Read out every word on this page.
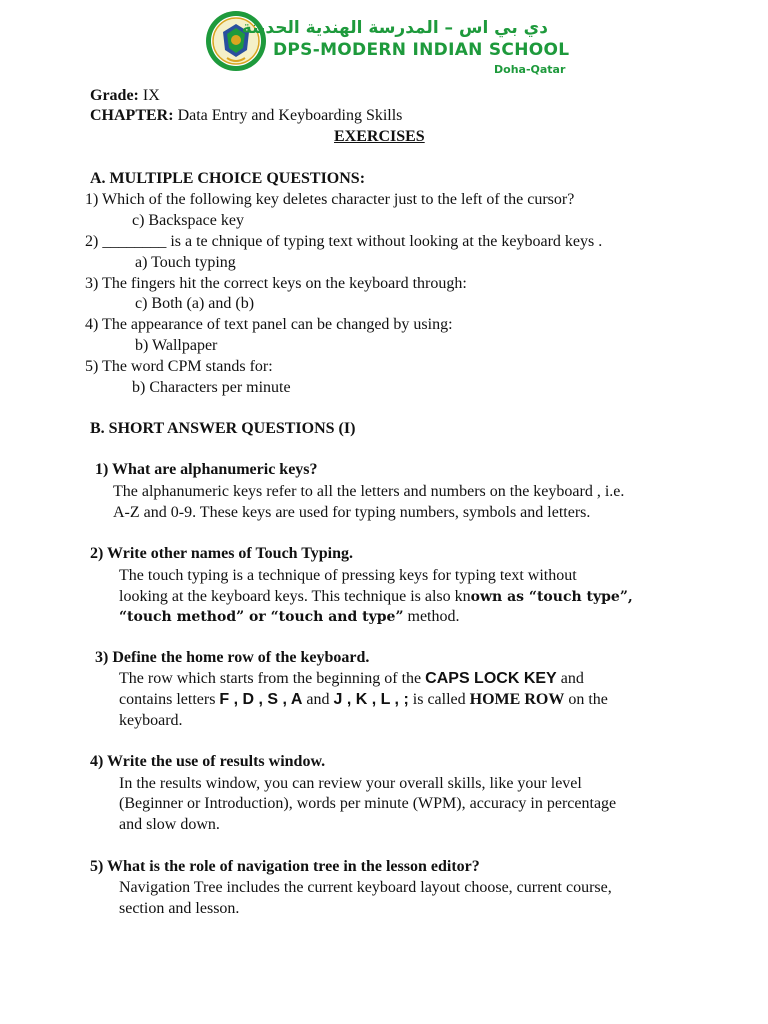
دي بي اس – المدرسة الهندية الحديثة
DPS-MODERN INDIAN SCHOOL
Doha-Qatar
Grade: IX
CHAPTER: Data Entry and Keyboarding Skills
EXERCISES
A. MULTIPLE CHOICE QUESTIONS:
1) Which of the following key deletes character just to the left of the cursor?
c) Backspace key
2) ________ is a te chnique of typing text without looking at the keyboard keys .
a) Touch typing
3) The fingers hit the correct keys on the keyboard through:
c) Both (a) and (b)
4) The appearance of text panel can be changed by using:
b) Wallpaper
5) The word CPM stands for:
b) Characters per minute
B. SHORT ANSWER QUESTIONS (I)
1) What are alphanumeric keys?
The alphanumeric keys refer to all the letters and numbers on the keyboard , i.e.
A-Z and 0-9. These keys are used for typing numbers, symbols and letters.
2) Write other names of Touch Typing.
The touch typing is a technique of pressing keys for typing text without
looking at the keyboard keys. This technique is also known as “touch type”,
“touch method” or “touch and type” method.
3) Define the home row of the keyboard.
The row which starts from the beginning of the CAPS LOCK KEY and
contains letters F , D , S , A and J , K , L , ; is called HOME ROW on the
keyboard.
4) Write the use of results window.
In the results window, you can review your overall skills, like your level
(Beginner or Introduction), words per minute (WPM), accuracy in percentage
and slow down.
5) What is the role of navigation tree in the lesson editor?
Navigation Tree includes the current keyboard layout choose, current course,
section and lesson.
